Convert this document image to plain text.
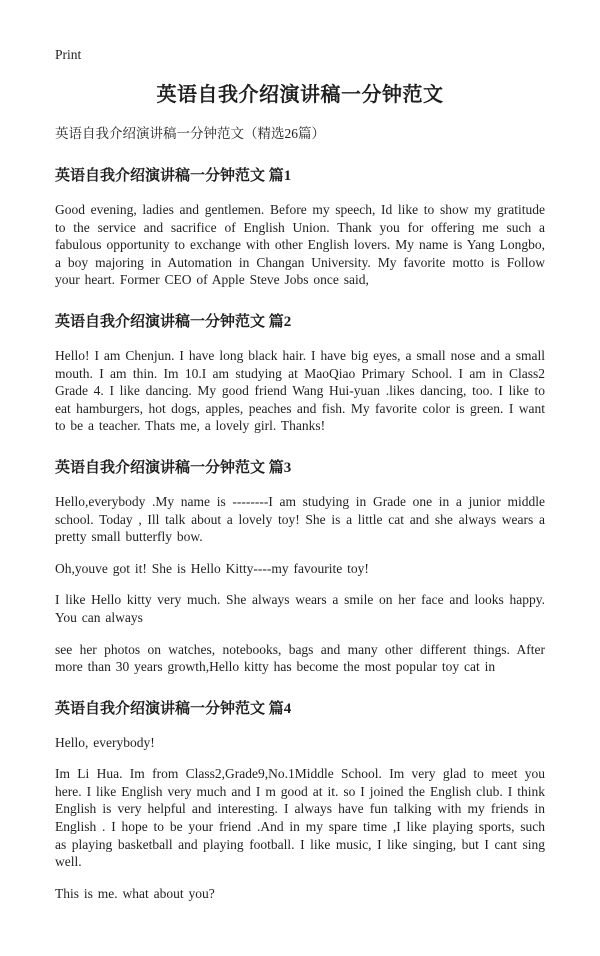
Print
英语自我介绍演讲稿一分钟范文

英语自我介绍演讲稿一分钟范文（精选26篇）

英语自我介绍演讲稿一分钟范文 篇1

Good evening, ladies and gentlemen. Before my speech, Id like to show my gratitude to the service and sacrifice of English Union. Thank you for offering me such a fabulous opportunity to exchange with other English lovers. My name is Yang Longbo, a boy majoring in Automation in Changan University. My favorite motto is Follow your heart. Former CEO of Apple Steve Jobs once said,

英语自我介绍演讲稿一分钟范文 篇2

Hello! I am Chenjun. I have long black hair. I have big eyes, a small nose and a small mouth. I am thin. Im 10.I am studying at MaoQiao Primary School. I am in Class2 Grade 4. I like dancing. My good friend Wang Hui-yuan .likes dancing, too. I like to eat hamburgers, hot dogs, apples, peaches and fish. My favorite color is green. I want to be a teacher. Thats me, a lovely girl. Thanks!

英语自我介绍演讲稿一分钟范文 篇3

Hello,everybody .My name is --------I am studying in Grade one in a junior middle school. Today , Ill talk about a lovely toy! She is a little cat and she always wears a pretty small butterfly bow.

Oh,youve got it! She is Hello Kitty----my favourite toy!

I like Hello kitty very much. She always wears a smile on her face and looks happy. You can always

see her photos on watches, notebooks, bags and many other different things. After more than 30 years growth,Hello kitty has become the most popular toy cat in

英语自我介绍演讲稿一分钟范文 篇4

Hello, everybody!

Im Li Hua. Im from Class2,Grade9,No.1Middle School. Im very glad to meet you here. I like English very much and I m good at it. so I joined the English club. I think English is very helpful and interesting. I always have fun talking with my friends in English . I hope to be your friend .And in my spare time ,I like playing sports, such as playing basketball and playing football. I like music, I like singing, but I cant sing well.

This is me. what about you?
